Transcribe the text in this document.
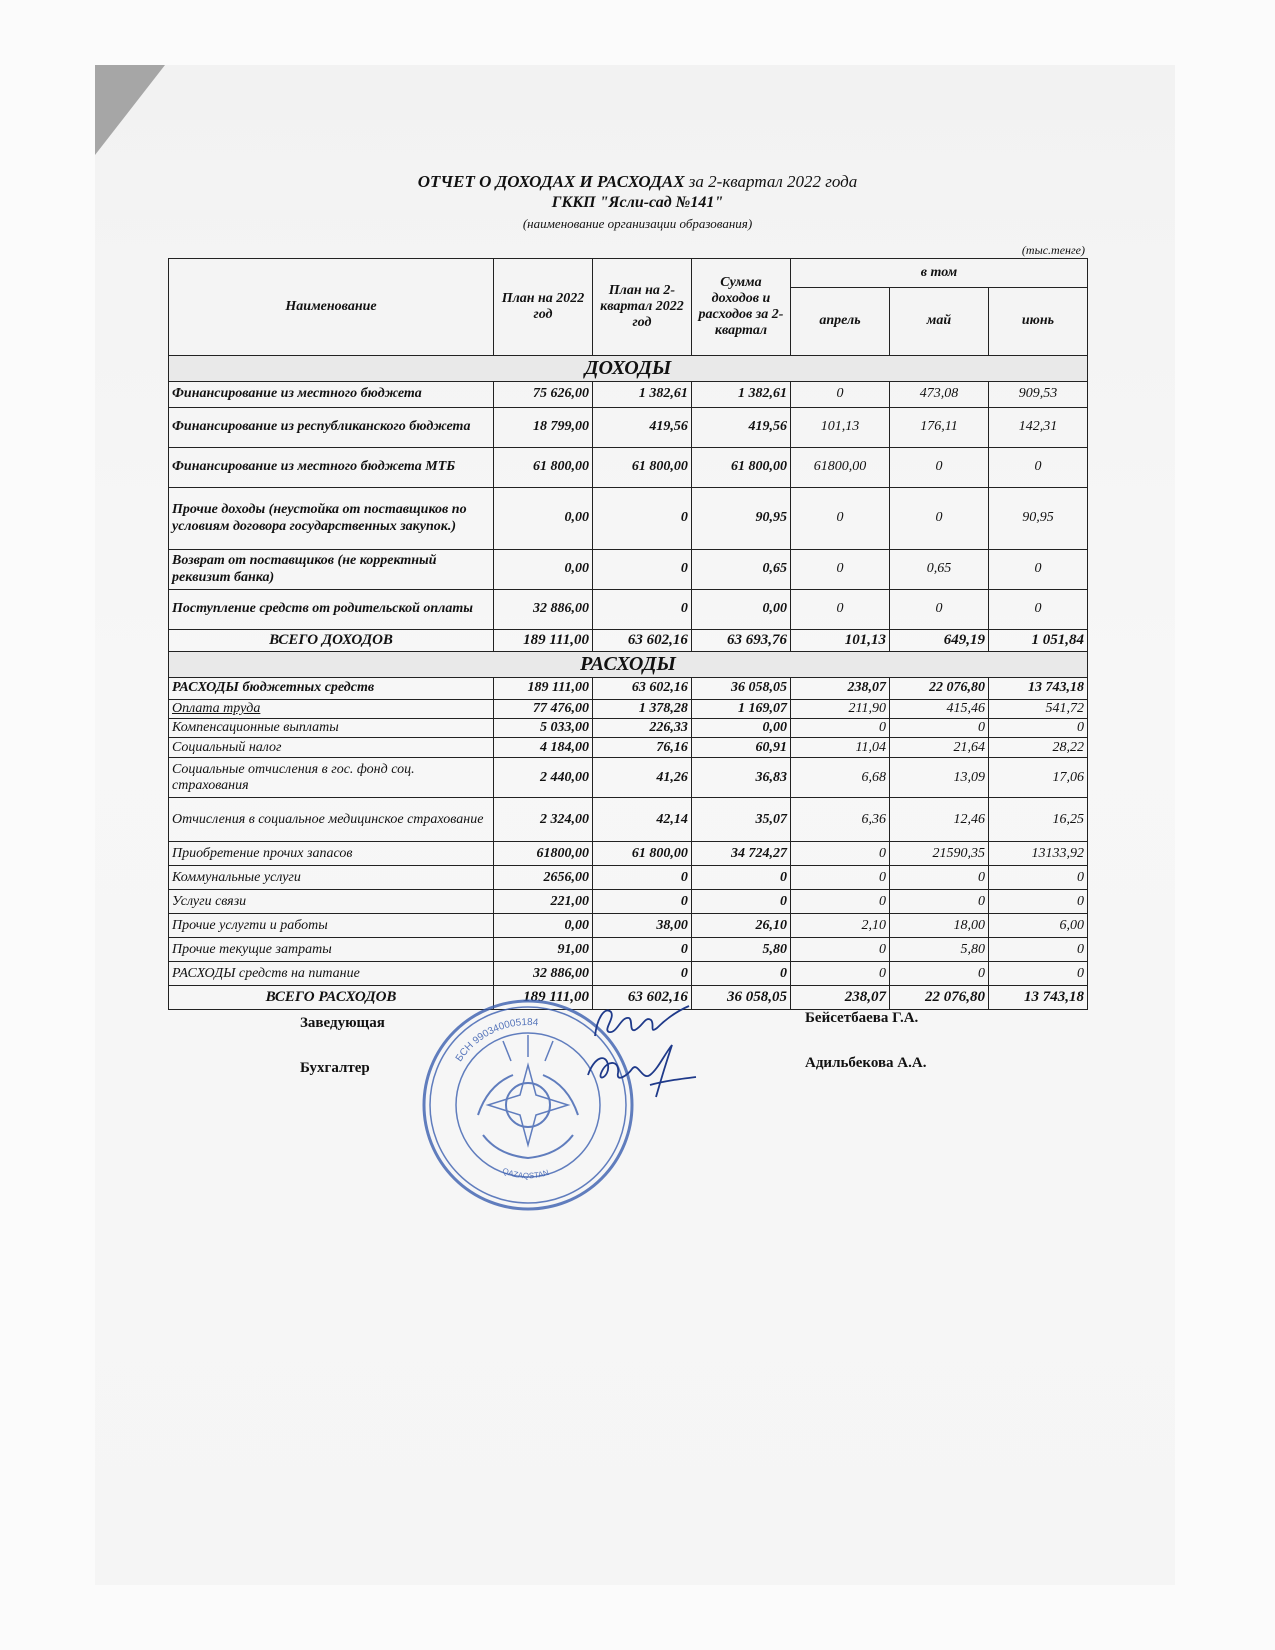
ОТЧЕТ О ДОХОДАХ И РАСХОДАХ за 2-квартал 2022 года
ГККП "Ясли-сад №141"
(наименование организации образования)
(тыс.тенге)
Наименование	План на 2022 год	План на 2-квартал 2022 год	Сумма доходов и расходов за 2-квартал	в том		
				апрель	май	июнь
ДОХОДЫ						
Финансирование из местного бюджета	75 626,00	1 382,61	1 382,61	0	473,08	909,53
Финансирование из республиканского бюджета	18 799,00	419,56	419,56	101,13	176,11	142,31
Финансирование из местного бюджета МТБ	61 800,00	61 800,00	61 800,00	61800,00	0	0
Прочие доходы (неустойка от поставщиков по условиям договора государственных закупок.)	0,00	0	90,95	0	0	90,95
Возврат от поставщиков (не корректный реквизит банка)	0,00	0	0,65	0	0,65	0
Поступление средств от родительской оплаты	32 886,00	0	0,00	0	0	0
ВСЕГО ДОХОДОВ	189 111,00	63 602,16	63 693,76	101,13	649,19	1 051,84
РАСХОДЫ						
РАСХОДЫ бюджетных средств	189 111,00	63 602,16	36 058,05	238,07	22 076,80	13 743,18
Оплата труда	77 476,00	1 378,28	1 169,07	211,90	415,46	541,72
Компенсационные выплаты	5 033,00	226,33	0,00	0	0	0
Социальный налог	4 184,00	76,16	60,91	11,04	21,64	28,22
Социальные отчисления в гос. фонд соц. страхования	2 440,00	41,26	36,83	6,68	13,09	17,06
Отчисления в социальное медицинское страхование	2 324,00	42,14	35,07	6,36	12,46	16,25
Приобретение прочих запасов	61800,00	61 800,00	34 724,27	0	21590,35	13133,92
Коммунальные услуги	2656,00	0	0	0	0	0
Услуги связи	221,00	0	0	0	0	0
Прочие услугти и работы	0,00	38,00	26,10	2,10	18,00	6,00
Прочие текущие затраты	91,00	0	5,80	0	5,80	0
РАСХОДЫ средств на питание	32 886,00	0	0	0	0	0
ВСЕГО РАСХОДОВ	189 111,00	63 602,16	36 058,05	238,07	22 076,80	13 743,18
Заведующая	Бейсетбаева Г.А.
Бухгалтер	Адильбекова А.А.
БСН 990340005184
QAZAQSTAN
